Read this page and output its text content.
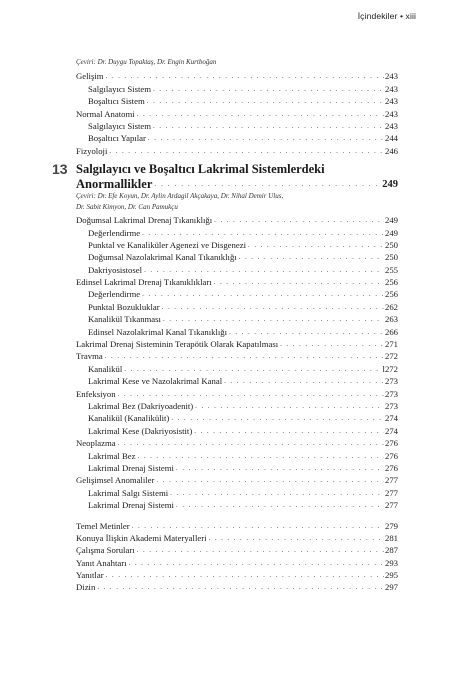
İçindekiler • xiii
Çeviri: Dr. Duygu Topaktaş, Dr. Engin Kurtboğan
Gelişim . . .	243
Salgılayıcı Sistem . . .	243
Boşaltıcı Sistem . . .	243
Normal Anatomi . . .	243
Salgılayıcı Sistem . . .	243
Boşaltıcı Yapılar . . .	244
Fizyoloji . . .	246
Salgılayıcı ve Boşaltıcı Lakrimal Sistemlerdeki
Anormallikler . . .	249
Çeviri: Dr. Efe Koyun, Dr. Aylin Ardagil Akçakaya, Dr. Nihal Demir Ulus,
Dr. Sabit Kimyon, Dr. Can Pamukçu
Doğumsal Lakrimal Drenaj Tıkanıklığı . . .	249
Değerlendirme . . .	249
Punktal ve Kanaliküler Agenezi ve Disgenezi . . .	250
Doğumsal Nazolakrimal Kanal Tıkanıklığı . . .	250
Dakriyosistosel . . .	255
Edinsel Lakrimal Drenaj Tıkanıklıkları . . .	256
Değerlendirme . . .	256
Punktal Bozukluklar . . .	262
Kanalikül Tıkanması . . .	263
Edinsel Nazolakrimal Kanal Tıkanıklığı . . .	266
Lakrimal Drenaj Sisteminin Terapötik Olarak Kapatılması . . .	271
Travma . . .	272
Kanalikül . . .	l272
Lakrimal Kese ve Nazolakrimal Kanal . . .	273
Enfeksiyon . . .	273
Lakrimal Bez (Dakriyoadenit) . . .	273
Kanalikül (Kanalikülit) . . .	274
Lakrimal Kese (Dakriyosistit) . . .	274
Neoplazma . . .	276
Lakrimal Bez . . .	276
Lakrimal Drenaj Sistemi . . .	276
Gelişimsel Anomaliler . . .	277
Lakrimal Salgı Sistemi . . .	277
Lakrimal Drenaj Sistemi . . .	277
Temel Metinler . . .	279
Konuya İlişkin Akademi Materyalleri . . .	281
Çalışma Soruları . . .	287
Yanıt Anahtarı . . .	293
Yanıtlar . . .	295
Dizin . . .	297
13
